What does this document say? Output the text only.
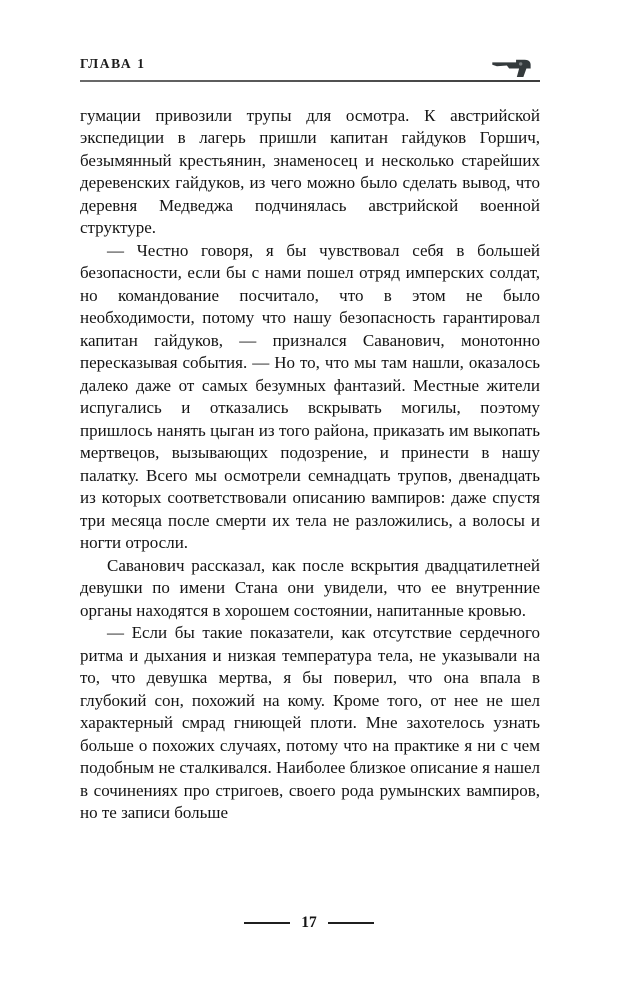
ГЛАВА 1

гумации привозили трупы для осмотра. К австрийской экспедиции в лагерь пришли капитан гайдуков Горшич, безымянный крестьянин, знаменосец и несколько старейших деревенских гайдуков, из чего можно было сделать вывод, что деревня Медведжа подчинялась австрийской военной структуре.

— Честно говоря, я бы чувствовал себя в большей безопасности, если бы с нами пошел отряд имперских солдат, но командование посчитало, что в этом не было необходимости, потому что нашу безопасность гарантировал капитан гайдуков, — признался Саванович, монотонно пересказывая события. — Но то, что мы там нашли, оказалось далеко даже от самых безумных фантазий. Местные жители испугались и отказались вскрывать могилы, поэтому пришлось нанять цыган из того района, приказать им выкопать мертвецов, вызывающих подозрение, и принести в нашу палатку. Всего мы осмотрели семнадцать трупов, двенадцать из которых соответствовали описанию вампиров: даже спустя три месяца после смерти их тела не разложились, а волосы и ногти отросли.

Саванович рассказал, как после вскрытия двадцатилетней девушки по имени Стана они увидели, что ее внутренние органы находятся в хорошем состоянии, напитанные кровью.

— Если бы такие показатели, как отсутствие сердечного ритма и дыхания и низкая температура тела, не указывали на то, что девушка мертва, я бы поверил, что она впала в глубокий сон, похожий на кому. Кроме того, от нее не шел характерный смрад гниющей плоти. Мне захотелось узнать больше о похожих случаях, потому что на практике я ни с чем подобным не сталкивался. Наиболее близкое описание я нашел в сочинениях про стригоев, своего рода румынских вампиров, но те записи больше

17
